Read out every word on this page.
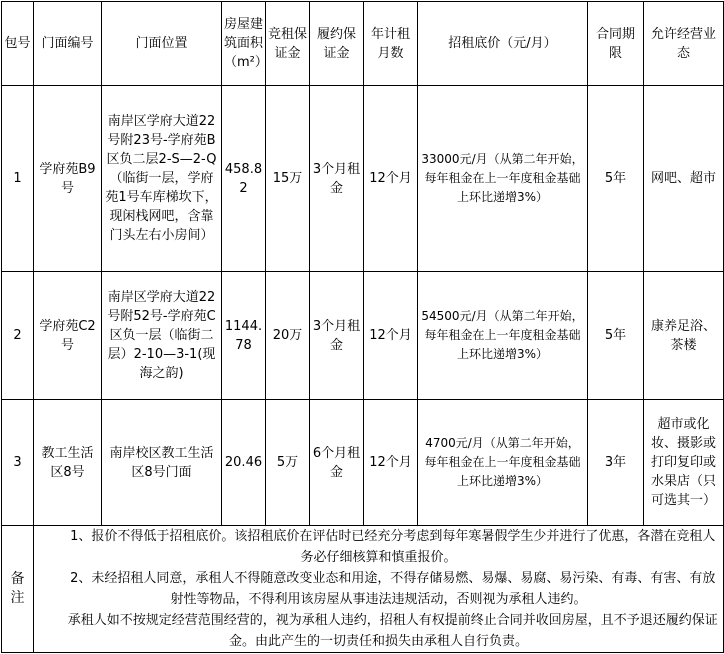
包号	门面编号	门面位置	房屋建筑面积（m²）	竞租保证金	履约保证金	年计租月数	招租底价（元/月）	合同期限	允许经营业态
1	学府苑B9号	南岸区学府大道22号附23号-学府苑B区负二层2-S—2-Q（临街一层，学府苑1号车库梯坎下，现闲栈网吧，含靠门头左右小房间）	458.82	15万	3个月租金	12个月	33000元/月（从第二年开始，每年租金在上一年度租金基础上环比递增3%）	5年	网吧、超市
2	学府苑C2号	南岸区学府大道22号附52号-学府苑C区负一层（临街二层）2-10—3-1(现海之韵)	1144.78	20万	3个月租金	12个月	54500元/月（从第二年开始，每年租金在上一年度租金基础上环比递增3%）	5年	康养足浴、茶楼
3	教工生活区8号	南岸校区教工生活区8号门面	20.46	5万	6个月租金	12个月	4700元/月（从第二年开始，每年租金在上一年度租金基础上环比递增3%）	3年	超市或化妆、摄影或打印复印或水果店（只可选其一）
备注	1、报价不得低于招租底价。该招租底价在评估时已经充分考虑到每年寒暑假学生少并进行了优惠，各潜在竞租人务必仔细核算和慎重报价。

2、未经招租人同意，承租人不得随意改变业态和用途，不得存储易燃、易爆、易腐、易污染、有毒、有害、有放射性等物品，不得利用该房屋从事违法违规活动，否则视为承租人违约。

承租人如不按规定经营范围经营的，视为承租人违约，招租人有权提前终止合同并收回房屋，且不予退还履约保证金。由此产生的一切责任和损失由承租人自行负责。								
